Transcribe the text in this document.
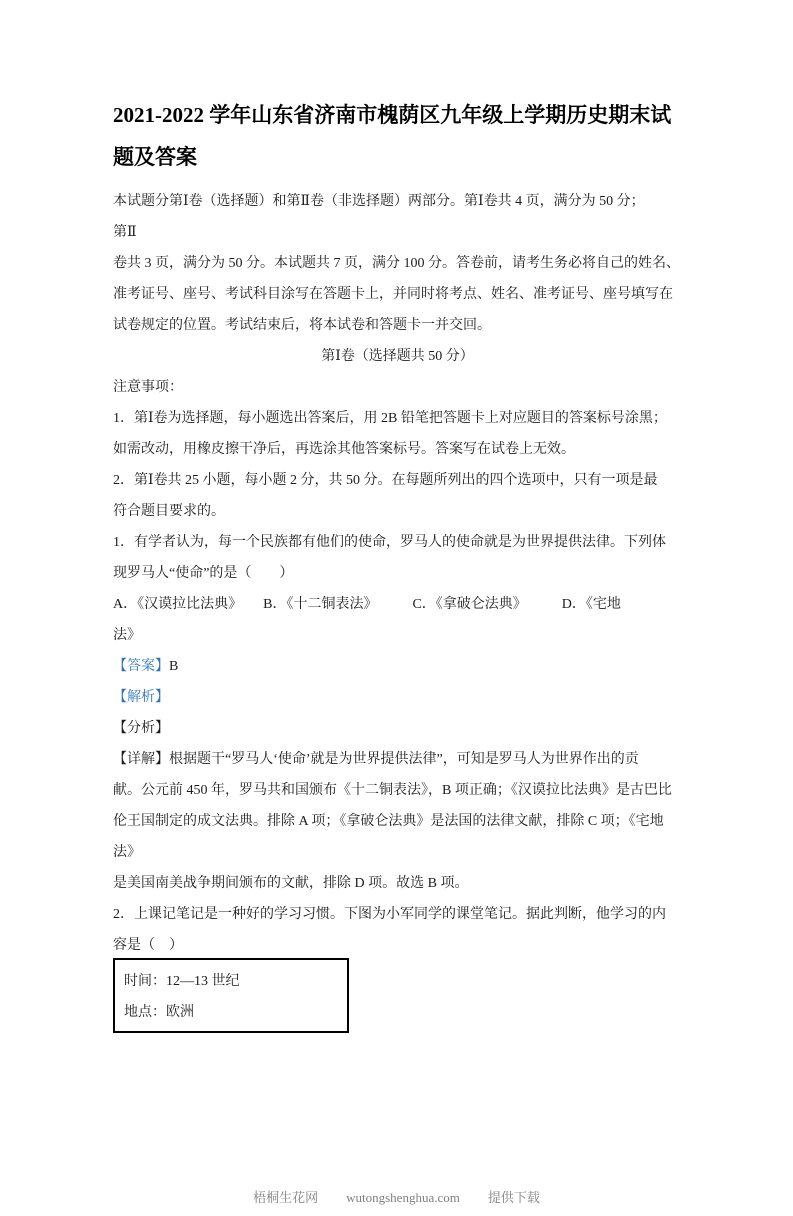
2021-2022 学年山东省济南市槐荫区九年级上学期历史期末试题及答案
本试题分第Ⅰ卷（选择题）和第Ⅱ卷（非选择题）两部分。第Ⅰ卷共 4 页，满分为 50 分；
第Ⅱ
卷共 3 页，满分为 50 分。本试题共 7 页，满分 100 分。答卷前，请考生务必将自己的姓名、
准考证号、座号、考试科目涂写在答题卡上，并同时将考点、姓名、准考证号、座号填写在
试卷规定的位置。考试结束后，将本试卷和答题卡一并交回。
第Ⅰ卷（选择题共 50 分）
注意事项：
1．第Ⅰ卷为选择题，每小题选出答案后，用 2B 铅笔把答题卡上对应题目的答案标号涂黑；
如需改动，用橡皮擦干净后，再选涂其他答案标号。答案写在试卷上无效。
2．第Ⅰ卷共 25 小题，每小题 2 分，共 50 分。在每题所列出的四个选项中，只有一项是最
符合题目要求的。
1．有学者认为，每一个民族都有他们的使命，罗马人的使命就是为世界提供法律。下列体
现罗马人“使命”的是（　　）
A．《汉谟拉比法典》　　B．《十二铜表法》　　　C．《拿破仑法典》　　　D．《宅地
法》
【答案】B
【解析】
【分析】
【详解】根据题干“罗马人‘使命’就是为世界提供法律”，可知是罗马人为世界作出的贡
献。公元前 450 年，罗马共和国颁布《十二铜表法》，B 项正确；《汉谟拉比法典》是古巴比
伦王国制定的成文法典。排除 A 项；《拿破仑法典》是法国的法律文献，排除 C 项；《宅地法》
是美国南美战争期间颁布的文献，排除 D 项。故选 B 项。
2．上课记笔记是一种好的学习习惯。下图为小军同学的课堂笔记。据此判断，他学习的内
容是（　）
时间：12—13 世纪
地点：欧洲
梧桐生花网 wutongshenghua.com 提供下载
